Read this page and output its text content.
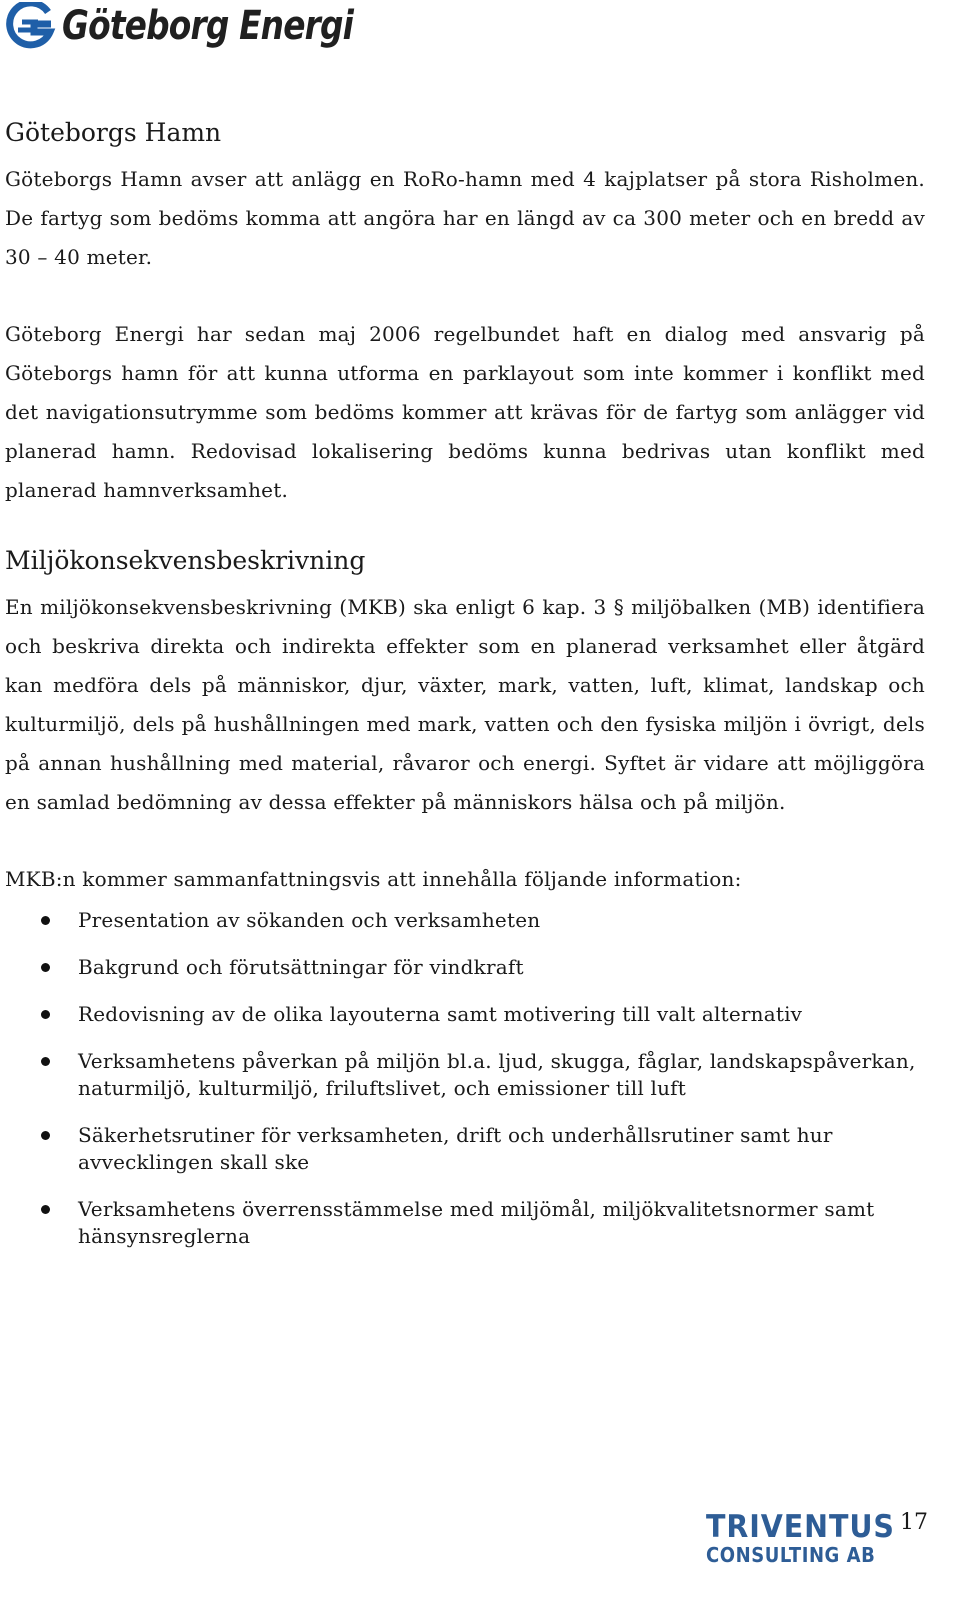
Göteborg Energi
Göteborgs Hamn

Göteborgs Hamn avser att anlägg en RoRo-hamn med 4 kajplatser på stora Risholmen. De fartyg som bedöms komma att angöra har en längd av ca 300 meter och en bredd av 30 – 40 meter.

Göteborg Energi har sedan maj 2006 regelbundet haft en dialog med ansvarig på Göteborgs hamn för att kunna utforma en parklayout som inte kommer i konflikt med det navigationsutrymme som bedöms kommer att krävas för de fartyg som anlägger vid planerad hamn. Redovisad lokalisering bedöms kunna bedrivas utan konflikt med planerad hamnverksamhet.

Miljökonsekvensbeskrivning

En miljökonsekvensbeskrivning (MKB) ska enligt 6 kap. 3 § miljöbalken (MB) identifiera och beskriva direkta och indirekta effekter som en planerad verksamhet eller åtgärd kan medföra dels på människor, djur, växter, mark, vatten, luft, klimat, landskap och kulturmiljö, dels på hushållningen med mark, vatten och den fysiska miljön i övrigt, dels på annan hushållning med material, råvaror och energi. Syftet är vidare att möjliggöra en samlad bedömning av dessa effekter på människors hälsa och på miljön.

MKB:n kommer sammanfattningsvis att innehålla följande information:

Presentation av sökanden och verksamheten
Bakgrund och förutsättningar för vindkraft
Redovisning av de olika layouterna samt motivering till valt alternativ
Verksamhetens påverkan på miljön bl.a. ljud, skugga, fåglar, landskapspåverkan, naturmiljö, kulturmiljö, friluftslivet, och emissioner till luft
Säkerhetsrutiner för verksamheten, drift och underhållsrutiner samt hur avvecklingen skall ske
Verksamhetens överrensstämmelse med miljömål, miljökvalitetsnormer samt hänsynsreglerna
TRIVENTUS
CONSULTING AB
17
